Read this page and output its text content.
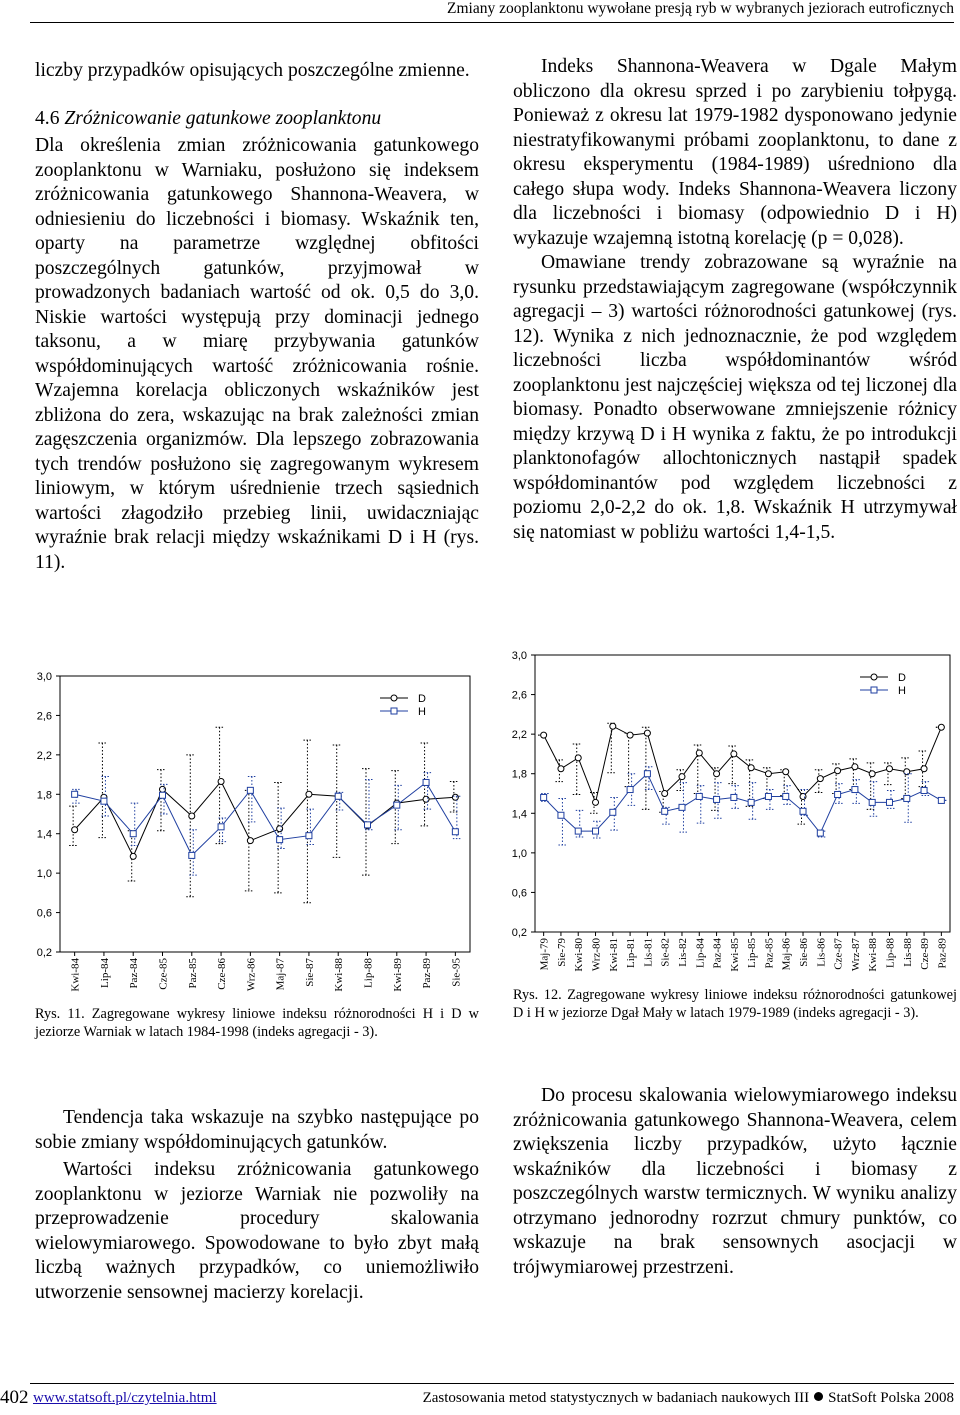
Zmiany zooplanktonu wywołane presją ryb w wybranych jeziorach eutroficznych

liczby przypadków opisujących poszczególne zmienne.

4.6 Zróżnicowanie gatunkowe zooplanktonu

Dla określenia zmian zróżnicowania gatunkowego zooplanktonu w Warniaku, posłużono się indeksem zróżnicowania gatunkowego Shannona-Weavera, w odniesieniu do liczebności i biomasy. Wskaźnik ten, oparty na parametrze względnej obfitości poszczególnych gatunków, przyjmował w prowadzonych badaniach wartość od ok. 0,5 do 3,0. Niskie wartości występują przy dominacji jednego taksonu, a w miarę przybywania gatunków współdominujących wartość zróżnicowania rośnie. Wzajemna korelacja obliczonych wskaźników jest zbliżona do zera, wskazując na brak zależności zmian zagęszczenia organizmów. Dla lepszego zobrazowania tych trendów posłużono się zagregowanym wykresem liniowym, w którym uśrednienie trzech sąsiednich wartości złagodziło przebieg linii, uwidaczniając wyraźnie brak relacji między wskaźnikami D i H (rys. 11).

Tendencja taka wskazuje na szybko następujące po sobie zmiany współdominujących gatunków.

Wartości indeksu zróżnicowania gatunkowego zooplanktonu w jeziorze Warniak nie pozwoliły na przeprowadzenie procedury skalowania wielowymiarowego. Spowodowane to było zbyt małą liczbą ważnych przypadków, co uniemożliwiło utworzenie sensownej macierzy korelacji.

Indeks Shannona-Weavera w Dgale Małym obliczono dla okresu sprzed i po zarybieniu tołpygą. Ponieważ z okresu lat 1979-1982 dysponowano jedynie niestratyfikowanymi próbami zooplanktonu, to dane z okresu eksperymentu (1984-1989) uśredniono dla całego słupa wody. Indeks Shannona-Weavera liczony dla liczebności i biomasy (odpowiednio D i H) wykazuje wzajemną istotną korelację (p = 0,028).

Omawiane trendy zobrazowane są wyraźnie na rysunku przedstawiającym zagregowane (współczynnik agregacji – 3) wartości różnorodności gatunkowej (rys. 12). Wynika z nich jednoznacznie, że pod względem liczebności liczba współdominantów wśród zooplanktonu jest najczęściej większa od tej liczonej dla biomasy. Ponadto obserwowane zmniejszenie różnicy między krzywą D i H wynika z faktu, że po introdukcji planktonofagów allochtonicznych nastąpił spadek współdominantów pod względem liczebności z poziomu 2,0-2,2 do ok. 1,8. Wskaźnik H utrzymywał się natomiast w pobliżu wartości 1,4-1,5.

Do procesu skalowania wielowymiarowego indeksu zróżnicowania gatunkowego Shannona-Weavera, celem zwiększenia liczby przypadków, użyto łącznie wskaźników dla liczebności i biomasy z poszczególnych warstw termicznych. W wyniku analizy otrzymano jednorodny rozrzut chmury punktów, co wskazuje na brak sensownych asocjacji w trójwymiarowej przestrzeni.

0,2
0,6
1,0
1,4
1,8
2,2
2,6
3,0
Kwi-84 Lip-84 Paz-84 Cze-85 Paz-85 Cze-86 Wrz-86 Maj-87 Sie-87 Kwi-88 Lip-88 Kwi-89 Paz-89 Sie-95
D
H
Rys. 11. Zagregowane wykresy liniowe indeksu różnorodności H i D w jeziorze Warniak w latach 1984-1998 (indeks agregacji - 3).
0,2
0,6
1,0
1,4
1,8
2,2
2,6
3,0
Maj-79 Sie-79 Kwi-80 Wrz-80 Kwi-81 Lip-81 Lis-81 Sie-82 Lis-82 Lip-84 Paz-84 Kwi-85 Lip-85 Paz-85 Maj-86 Sie-86 Lis-86 Cze-87 Wrz-87 Kwi-88 Lip-88 Lis-88 Cze-89 Paz-89
D
H
Rys. 12. Zagregowane wykresy liniowe indeksu różnorodności gatunkowej D i H w jeziorze Dgał Mały w latach 1979-1989 (indeks agregacji - 3).
402 www.statsoft.pl/czytelnia.html	Zastosowania metod statystycznych w badaniach naukowych III StatSoft Polska 2008
